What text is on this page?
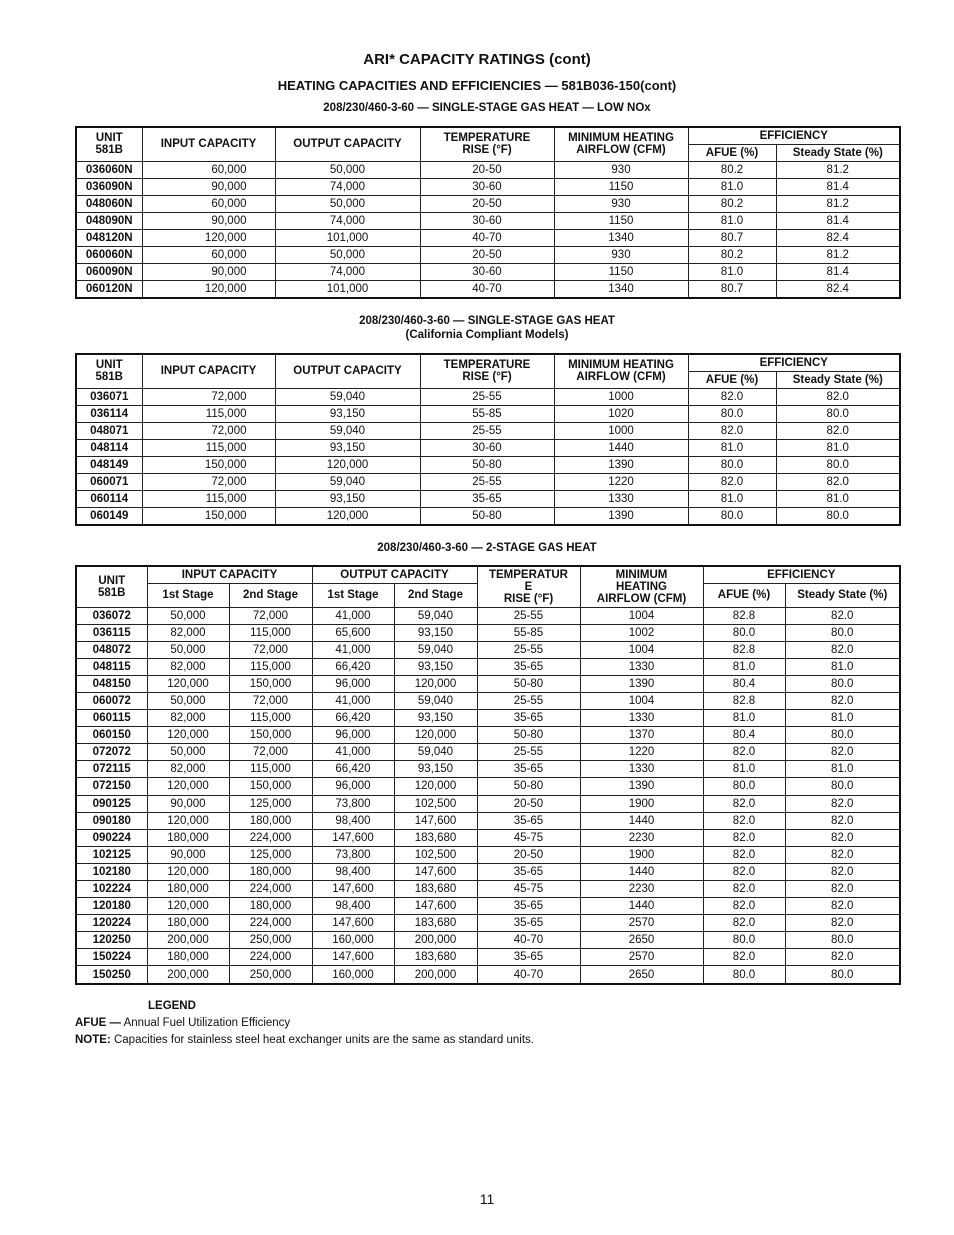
ARI* CAPACITY RATINGS (cont)
HEATING CAPACITIES AND EFFICIENCIES — 581B036-150(cont)
208/230/460-3-60 — SINGLE-STAGE GAS HEAT — LOW NOx
UNIT
581B	INPUT CAPACITY	OUTPUT CAPACITY	TEMPERATURE
RISE (°F)	MINIMUM HEATING
AIRFLOW (CFM)	EFFICIENCY	
					AFUE (%)	Steady State (%)
036060N	60,000	50,000	20-50	930	80.2	81.2
036090N	90,000	74,000	30-60	1150	81.0	81.4
048060N	60,000	50,000	20-50	930	80.2	81.2
048090N	90,000	74,000	30-60	1150	81.0	81.4
048120N	120,000	101,000	40-70	1340	80.7	82.4
060060N	60,000	50,000	20-50	930	80.2	81.2
060090N	90,000	74,000	30-60	1150	81.0	81.4
060120N	120,000	101,000	40-70	1340	80.7	82.4
208/230/460-3-60 — SINGLE-STAGE GAS HEAT
(California Compliant Models)
UNIT
581B	INPUT CAPACITY	OUTPUT CAPACITY	TEMPERATURE
RISE (°F)	MINIMUM HEATING
AIRFLOW (CFM)	EFFICIENCY	
					AFUE (%)	Steady State (%)
036071	72,000	59,040	25-55	1000	82.0	82.0
036114	115,000	93,150	55-85	1020	80.0	80.0
048071	72,000	59,040	25-55	1000	82.0	82.0
048114	115,000	93,150	30-60	1440	81.0	81.0
048149	150,000	120,000	50-80	1390	80.0	80.0
060071	72,000	59,040	25-55	1220	82.0	82.0
060114	115,000	93,150	35-65	1330	81.0	81.0
060149	150,000	120,000	50-80	1390	80.0	80.0
208/230/460-3-60 — 2-STAGE GAS HEAT
UNIT
581B	INPUT CAPACITY		OUTPUT CAPACITY		TEMPERATUR
E
RISE (°F)	MINIMUM
HEATING
AIRFLOW (CFM)	EFFICIENCY	
	1st Stage	2nd Stage	1st Stage	2nd Stage			AFUE (%)	Steady State (%)
036072	50,000	72,000	41,000	59,040	25-55	1004	82.8	82.0
036115	82,000	115,000	65,600	93,150	55-85	1002	80.0	80.0
048072	50,000	72,000	41,000	59,040	25-55	1004	82.8	82.0
048115	82,000	115,000	66,420	93,150	35-65	1330	81.0	81.0
048150	120,000	150,000	96,000	120,000	50-80	1390	80.4	80.0
060072	50,000	72,000	41,000	59,040	25-55	1004	82.8	82.0
060115	82,000	115,000	66,420	93,150	35-65	1330	81.0	81.0
060150	120,000	150,000	96,000	120,000	50-80	1370	80.4	80.0
072072	50,000	72,000	41,000	59,040	25-55	1220	82.0	82.0
072115	82,000	115,000	66,420	93,150	35-65	1330	81.0	81.0
072150	120,000	150,000	96,000	120,000	50-80	1390	80.0	80.0
090125	90,000	125,000	73,800	102,500	20-50	1900	82.0	82.0
090180	120,000	180,000	98,400	147,600	35-65	1440	82.0	82.0
090224	180,000	224,000	147,600	183,680	45-75	2230	82.0	82.0
102125	90,000	125,000	73,800	102,500	20-50	1900	82.0	82.0
102180	120,000	180,000	98,400	147,600	35-65	1440	82.0	82.0
102224	180,000	224,000	147,600	183,680	45-75	2230	82.0	82.0
120180	120,000	180,000	98,400	147,600	35-65	1440	82.0	82.0
120224	180,000	224,000	147,600	183,680	35-65	2570	82.0	82.0
120250	200,000	250,000	160,000	200,000	40-70	2650	80.0	80.0
150224	180,000	224,000	147,600	183,680	35-65	2570	82.0	82.0
150250	200,000	250,000	160,000	200,000	40-70	2650	80.0	80.0
LEGEND
AFUE — Annual Fuel Utilization Efficiency
NOTE: Capacities for stainless steel heat exchanger units are the same as standard units.
11
